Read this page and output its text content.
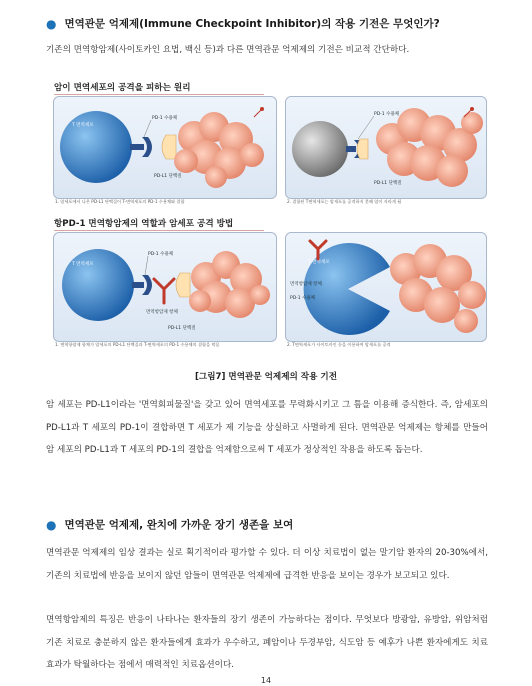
● 면역관문 억제제(Immune Checkpoint Inhibitor)의 작용 기전은 무엇인가?
기존의 면역항암제(사이토카인 요법, 백신 등)과 다른 면역관문 억제제의 기전은 비교적 간단하다.
암이 면역세포의 공격을 피하는 원리
T 면역세포
PD-1 수용체
PD-L1 단백질
1. 암세포에서 나온 PD-L1 단백질이 T-면역세포의 PD-1 수용체와 결합
PD-1 수용체
PD-L1 단백질
2. 결합된 T면역세포는 암세포를 공격하지 못해 암이 자라게 됨
항PD-1 면역항암제의 역할과 암세포 공격 방법
T 면역세포
PD-1 수용체
면역항암제 항체
PD-L1 단백질
1. 면역항암제 항체가 암세포의 PD-L1 단백질과 T-면역세포의 PD-1 수용체의 결합을 막음
T 면역세포
면역항암제 항체
PD-1 수용체
2. T면역세포가 사이토카인 등을 이용하여 암세포를 공격
[그림7] 면역관문 억제제의 작용 기전
암 세포는 PD-L1이라는 '면역회피물질'을 갖고 있어 면역세포를 무력화시키고 그 틈을 이용해 증식한다. 즉, 암세포의 PD-L1과 T 세포의 PD-1이 결합하면 T 세포가 제 기능을 상실하고 사멸하게 된다. 면역관문 억제제는 항체를 만들어 암 세포의 PD-L1과 T 세포의 PD-1의 결합을 억제함으로써 T 세포가 정상적인 작용을 하도록 돕는다.
● 면역관문 억제제, 완치에 가까운 장기 생존을 보여
면역관문 억제제의 임상 결과는 실로 획기적이라 평가할 수 있다. 더 이상 치료법이 없는 말기암 환자의 20-30%에서, 기존의 치료법에 반응을 보이지 않던 암들이 면역관문 억제제에 급격한 반응을 보이는 경우가 보고되고 있다.
면역항암제의 특징은 반응이 나타나는 환자들의 장기 생존이 가능하다는 점이다. 무엇보다 방광암, 유방암, 위암처럼 기존 치료로 충분하지 않은 환자들에게 효과가 우수하고, 폐암이나 두경부암, 식도암 등 예후가 나쁜 환자에게도 치료효과가 탁월하다는 점에서 매력적인 치료옵션이다.
14
